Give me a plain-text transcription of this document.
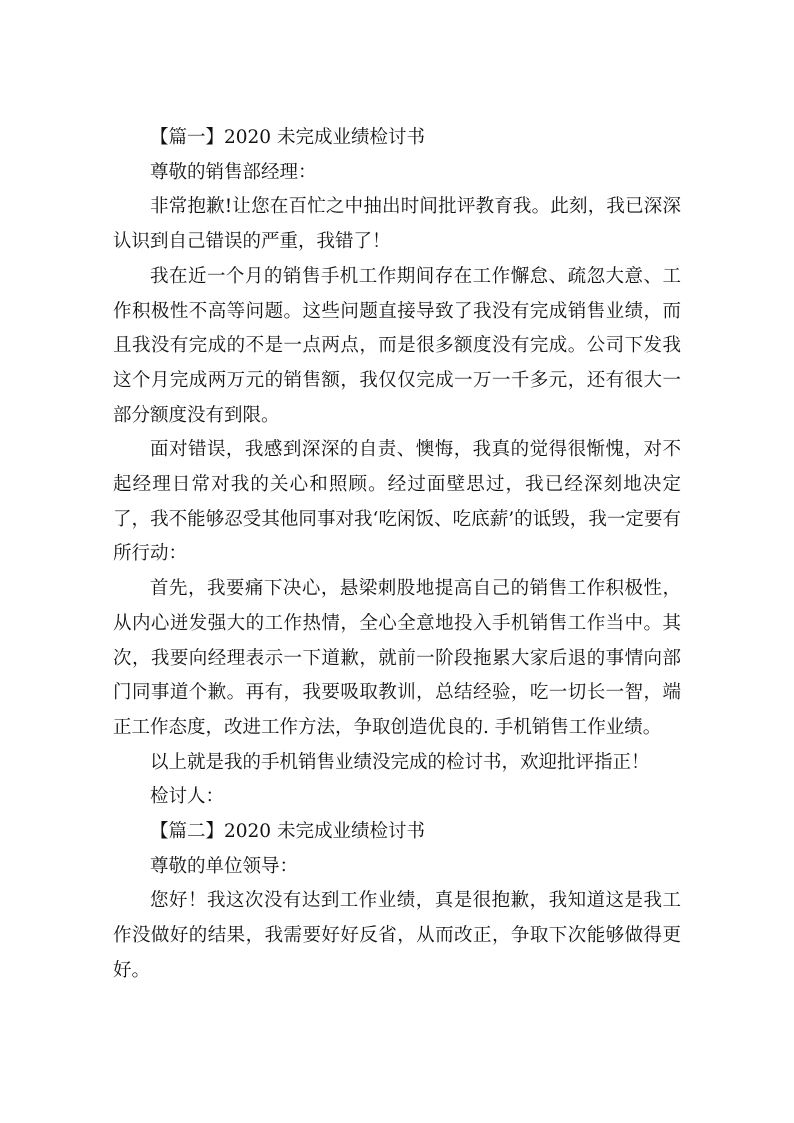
【篇一】2020 未完成业绩检讨书

尊敬的销售部经理：

非常抱歉!让您在百忙之中抽出时间批评教育我。此刻，我已深深认识到自己错误的严重，我错了！

我在近一个月的销售手机工作期间存在工作懈怠、疏忽大意、工作积极性不高等问题。这些问题直接导致了我没有完成销售业绩，而且我没有完成的不是一点两点，而是很多额度没有完成。公司下发我这个月完成两万元的销售额，我仅仅完成一万一千多元，还有很大一部分额度没有到限。

面对错误，我感到深深的自责、懊悔，我真的觉得很惭愧，对不起经理日常对我的关心和照顾。经过面壁思过，我已经深刻地决定了，我不能够忍受其他同事对我‘吃闲饭、吃底薪’的诋毁，我一定要有所行动：

首先，我要痛下决心，悬梁刺股地提高自己的销售工作积极性，从内心迸发强大的工作热情，全心全意地投入手机销售工作当中。其次，我要向经理表示一下道歉，就前一阶段拖累大家后退的事情向部门同事道个歉。再有，我要吸取教训，总结经验，吃一切长一智，端正工作态度，改进工作方法，争取创造优良的. 手机销售工作业绩。

以上就是我的手机销售业绩没完成的检讨书，欢迎批评指正！

检讨人：

【篇二】2020 未完成业绩检讨书

尊敬的单位领导：

您好！我这次没有达到工作业绩，真是很抱歉，我知道这是我工作没做好的结果，我需要好好反省，从而改正，争取下次能够做得更好。
